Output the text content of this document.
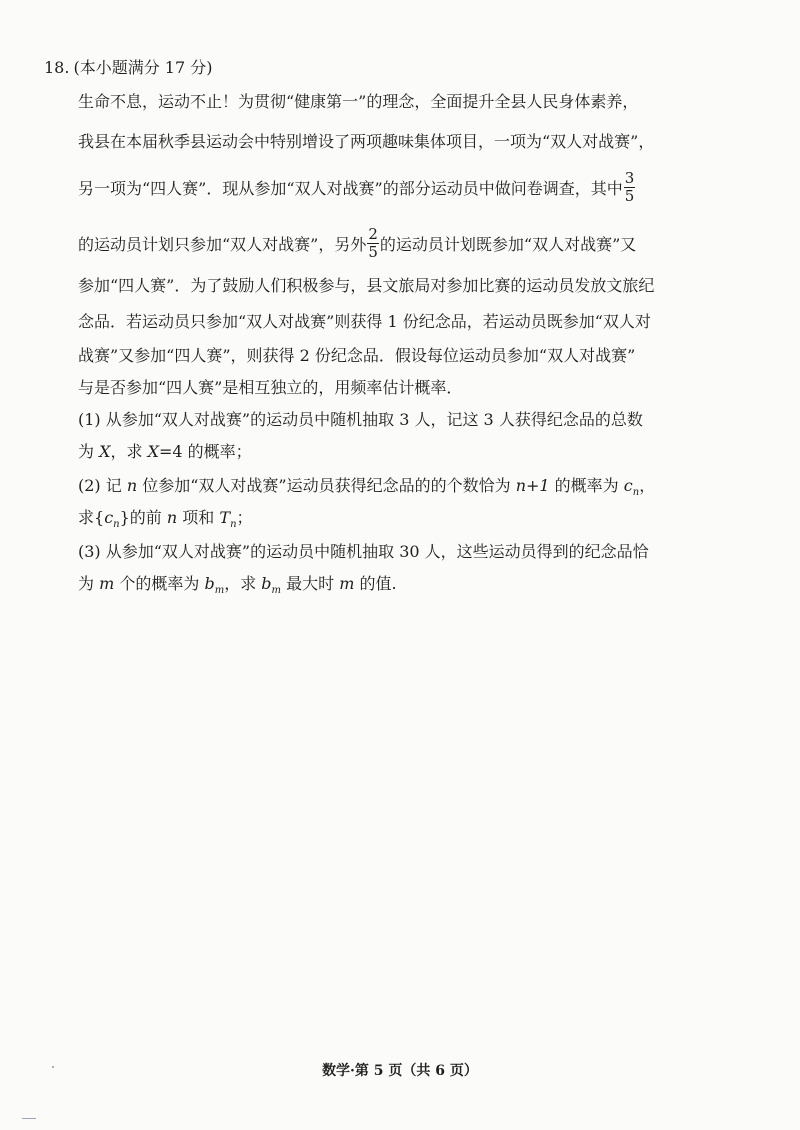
18. (本小题满分 17 分)
生命不息，运动不止！为贯彻“健康第一”的理念，全面提升全县人民身体素养，
我县在本届秋季县运动会中特别增设了两项趣味集体项目，一项为“双人对战赛”，
另一项为“四人赛”．现从参加“双人对战赛”的部分运动员中做问卷调查，其中 $\frac{3}{5}$
的运动员计划只参加“双人对战赛”，另外 $\frac{2}{5}$ 的运动员计划既参加“双人对战赛”又
参加“四人赛”．为了鼓励人们积极参与，县文旅局对参加比赛的运动员发放文旅纪
念品．若运动员只参加“双人对战赛”则获得 1 份纪念品，若运动员既参加“双人对
战赛”又参加“四人赛”，则获得 2 份纪念品．假设每位运动员参加“双人对战赛”
与是否参加“四人赛”是相互独立的，用频率估计概率．
(1) 从参加“双人对战赛”的运动员中随机抽取 3 人，记这 3 人获得纪念品的总数
为 X，求 X=4 的概率；
(2) 记 n 位参加“双人对战赛”运动员获得纪念品的的个数恰为 n+1 的概率为 $c_n$，
求$\{c_n\}$的前 n 项和 $T_n$；
(3) 从参加“双人对战赛”的运动员中随机抽取 30 人，这些运动员得到的纪念品恰
为 m 个的概率为 $b_m$，求 $b_m$ 最大时 m 的值.
数学·第 5 页（共 6 页）
